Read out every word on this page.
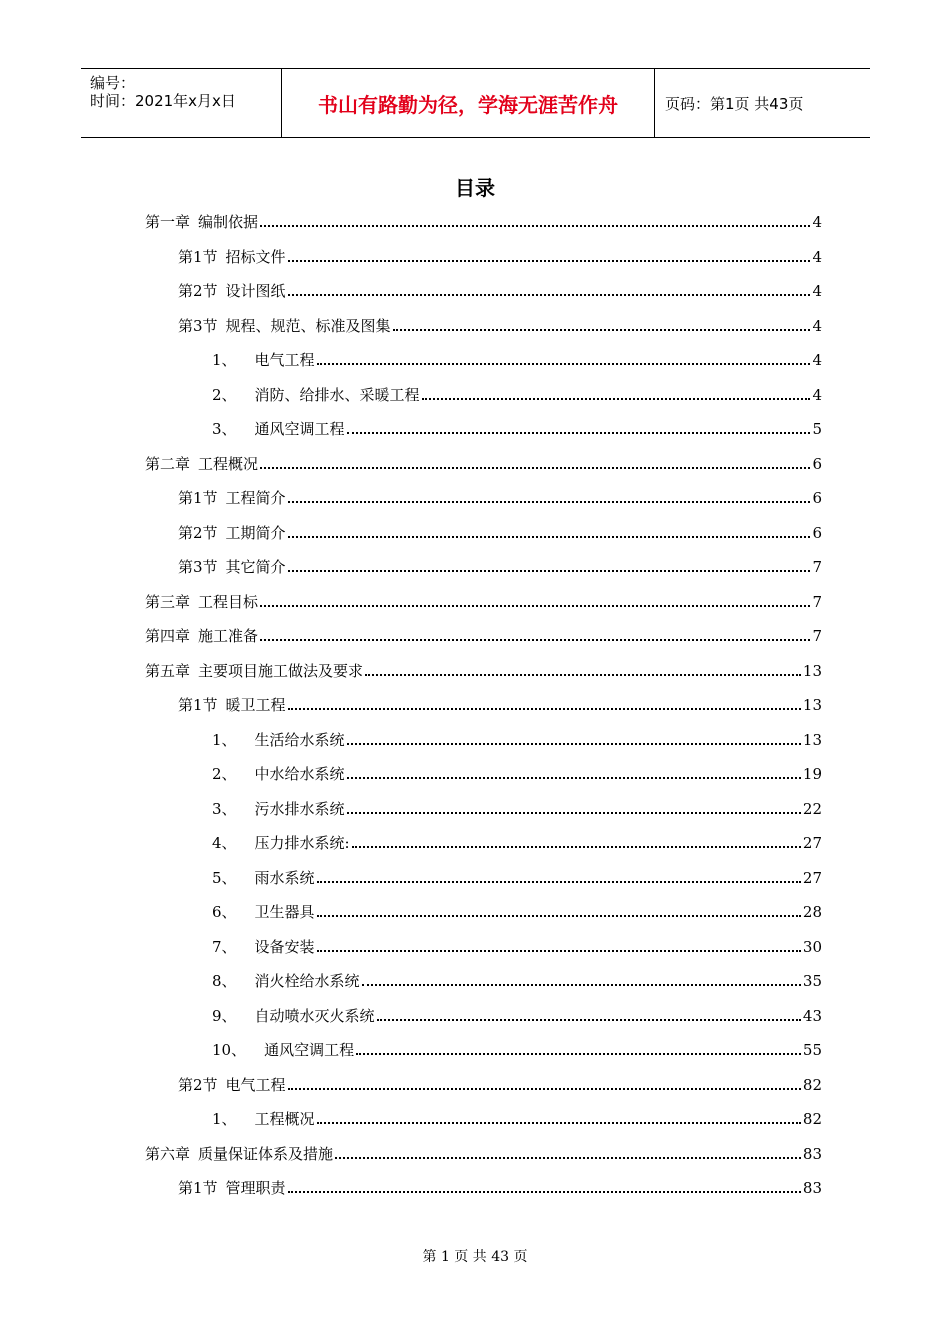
编号：
时间：2021年x月x日	书山有路勤为径，学海无涯苦作舟	页码：第1页 共43页
目录
第一章 编制依据	4
第1节 招标文件	4
第2节 设计图纸	4
第3节 规程、规范、标准及图集	4
1、 电气工程	4
2、 消防、给排水、采暖工程	4
3、 通风空调工程	5
第二章 工程概况	6
第1节 工程简介	6
第2节 工期简介	6
第3节 其它简介	7
第三章 工程目标	7
第四章 施工准备	7
第五章 主要项目施工做法及要求	13
第1节 暖卫工程	13
1、 生活给水系统	13
2、 中水给水系统	19
3、 污水排水系统	22
4、 压力排水系统:	27
5、 雨水系统	27
6、 卫生器具	28
7、 设备安装	30
8、 消火栓给水系统	35
9、 自动喷水灭火系统	43
10、 通风空调工程	55
第2节 电气工程	82
1、 工程概况	82
第六章 质量保证体系及措施	83
第1节 管理职责	83
第 1 页 共 43 页
